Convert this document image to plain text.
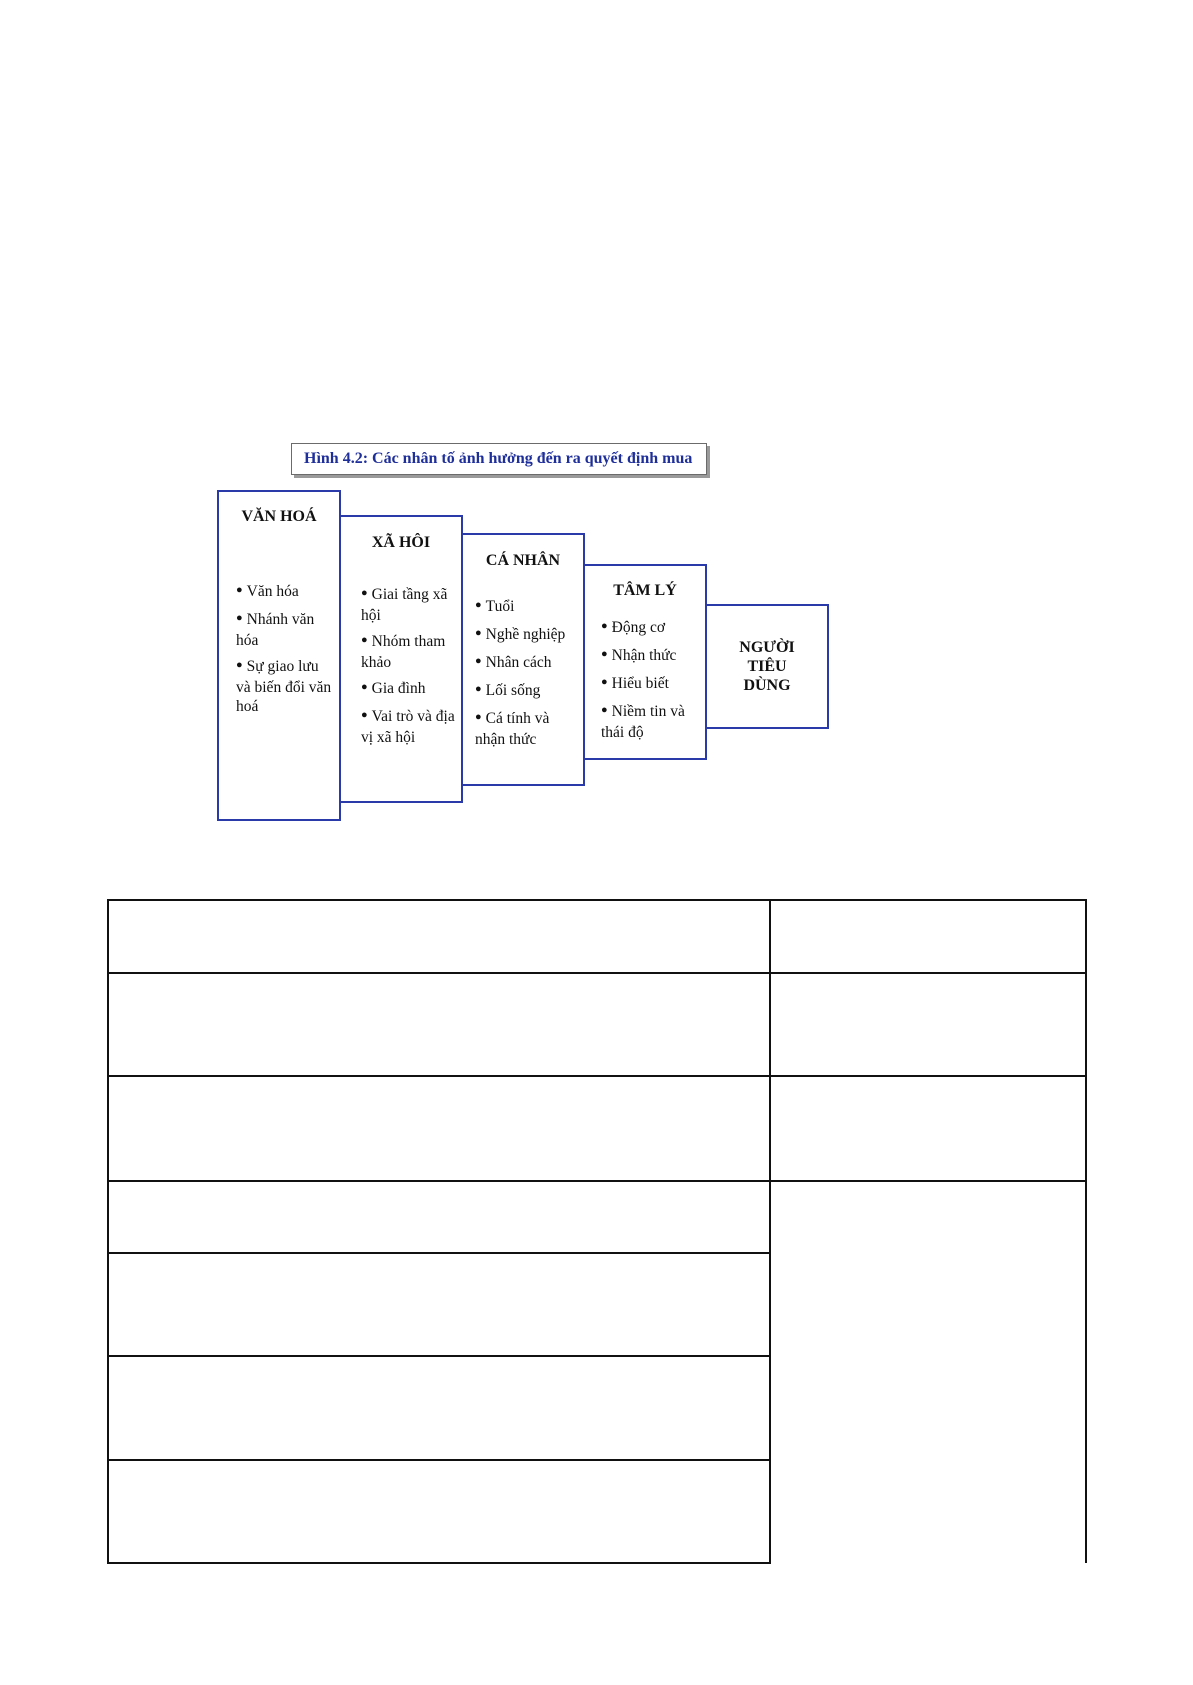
Hình 4.2: Các nhân tố ảnh hưởng đến ra quyết định mua
VĂN HOÁ
● Văn hóa
● Nhánh văn hóa
● Sự giao lưu và biến đổi văn hoá
XÃ HÔI
● Giai tầng xã hội
● Nhóm tham khảo
● Gia đình
● Vai trò và địa vị xã hội
CÁ NHÂN
● Tuổi
● Nghề nghiệp
● Nhân cách
● Lối sống
● Cá tính và nhận thức
TÂM LÝ
● Động cơ
● Nhận thức
● Hiểu biết
● Niềm tin và thái độ
NGƯỜI
TIÊU
DÙNG
